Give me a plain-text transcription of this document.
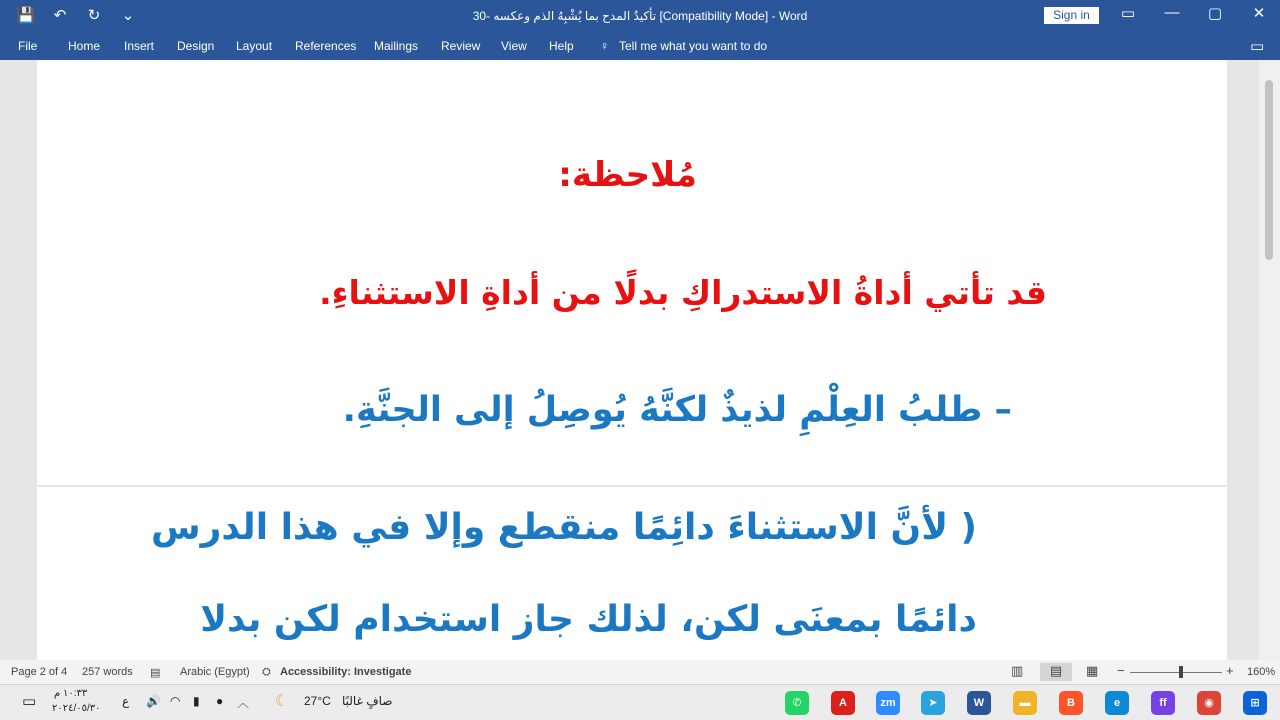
💾 ↶ ↻ ⌄	30- تأكيدُ المدح بما يُشْبِهُ الذم وعكسه [Compatibility Mode] - Word	Sign in	▭	—	▢	✕
File	Home Insert Design Layout References Mailings Review View Help ♀ Tell me what you want to do	▭
مُلاحظة:
قد تأتي أداةُ الاستدراكِ بدلًا من أداةِ الاستثناءِ.
– طلبُ العِلْمِ لذيذٌ لكنَّهُ يُوصِلُ إلى الجنَّةِ.
( لأنَّ الاستثناءَ دائِمًا منقطع وإلا في هذا الدرس
دائمًا بمعنَى لكن، لذلك جاز استخدام لكن بدلا
Page 2 of 4 257 words ▤ Arabic (Egypt) ⛭ Accessibility: Investigate	▥	▤	▦ −	+ 160%
▭ ١٠:٣٣ م
٢٠٢٤/٠٥/٣٠
ع 🔊 ◠ ▮ ● ︿ ☾ 27°C صافٍ غالبًا	✆	A	zm	➤	W	▬	B	e	ff	◉	⊞
